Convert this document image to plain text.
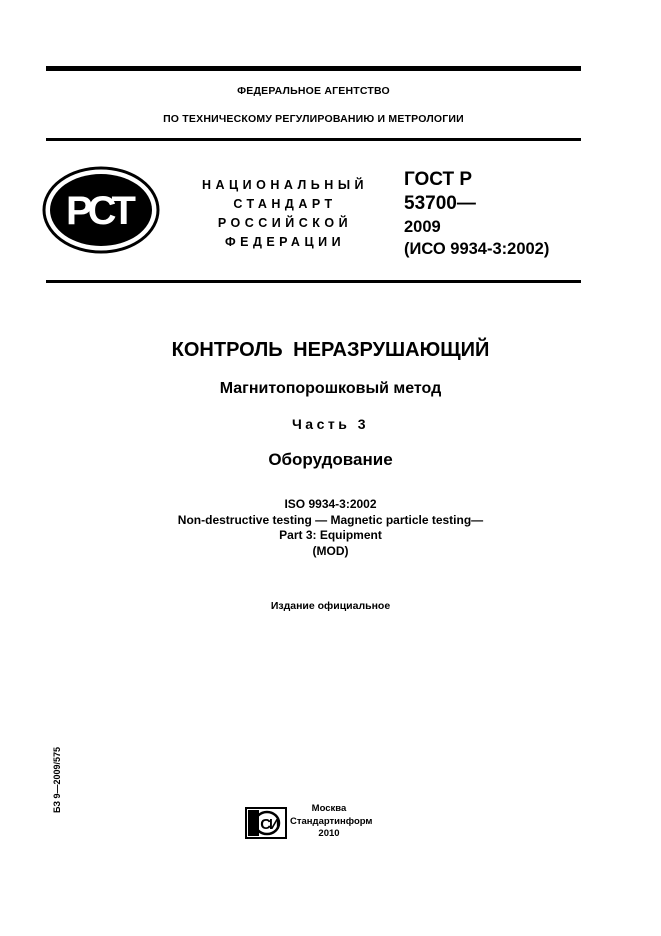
ФЕДЕРАЛЬНОЕ АГЕНТСТВО
ПО ТЕХНИЧЕСКОМУ РЕГУЛИРОВАНИЮ И МЕТРОЛОГИИ
РСТ
НАЦИОНАЛЬНЫЙ
СТАНДАРТ
РОССИЙСКОЙ
ФЕДЕРАЦИИ
ГОСТ Р
53700—
2009
(ИСО 9934-3:2002)
КОНТРОЛЬ НЕРАЗРУШАЮЩИЙ
Магнитопорошковый метод
Часть 3
Оборудование
ISO 9934-3:2002
Non-destructive testing — Magnetic particle testing—
Part 3: Equipment
(MOD)
Издание официальное
БЗ 9—2009/575
СИ
Москва
Стандартинформ
2010
